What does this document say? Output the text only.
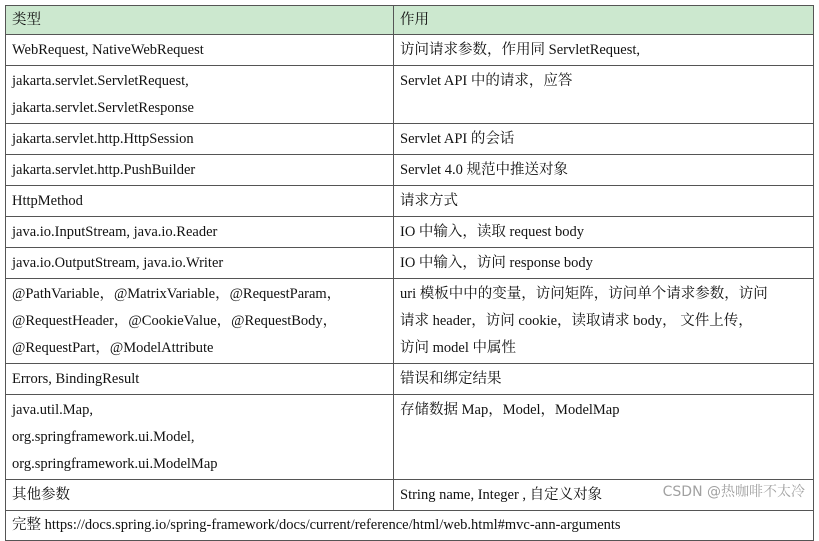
类型	作用
WebRequest, NativeWebRequest	访问请求参数，作用同 ServletRequest,
jakarta.servlet.ServletRequest,
jakarta.servlet.ServletResponse	Servlet API 中的请求，应答
jakarta.servlet.http.HttpSession	Servlet API 的会话
jakarta.servlet.http.PushBuilder	Servlet 4.0 规范中推送对象
HttpMethod	请求方式
java.io.InputStream, java.io.Reader	IO 中输入，读取 request body
java.io.OutputStream, java.io.Writer	IO 中输入，访问 response body
@PathVariable，@MatrixVariable，@RequestParam，
@RequestHeader，@CookieValue，@RequestBody，
@RequestPart，@ModelAttribute	uri 模板中中的变量，访问矩阵，访问单个请求参数，访问
请求 header，访问 cookie，读取请求 body， 文件上传，
访问 model 中属性
Errors, BindingResult	错误和绑定结果
java.util.Map,
org.springframework.ui.Model,
org.springframework.ui.ModelMap	存储数据 Map，Model，ModelMap
其他参数	String name, Integer , 自定义对象
完整 https://docs.spring.io/spring-framework/docs/current/reference/html/web.html#mvc-ann-arguments	
CSDN @热咖啡不太冷
